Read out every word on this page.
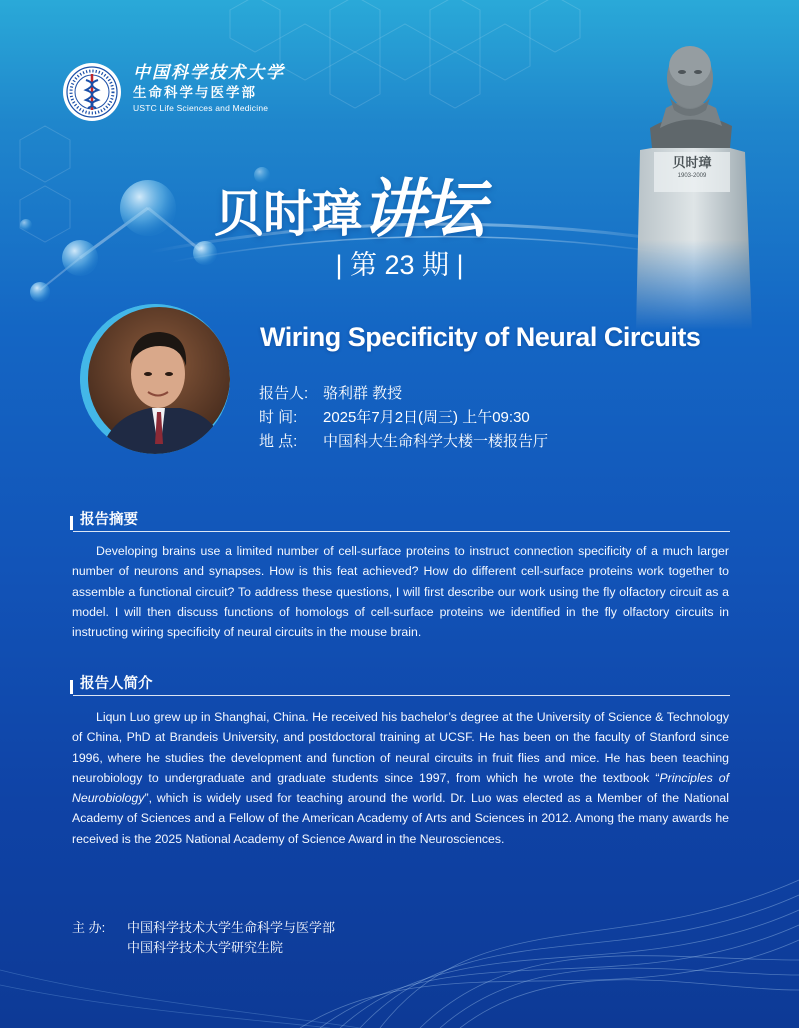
贝时璋
1903-2009
中国科学技术大学
生命科学与医学部
USTC Life Sciences and Medicine
贝时璋讲坛
| 第 23 期 |
Wiring Specificity of Neural Circuits
报告人: 骆利群 教授
时 间: 2025年7月2日(周三) 上午09:30
地 点: 中国科大生命科学大楼一楼报告厅
报告摘要
Developing brains use a limited number of cell-surface proteins to instruct connection specificity of a much larger number of neurons and synapses. How is this feat achieved? How do different cell-surface proteins work together to assemble a functional circuit? To address these questions, I will first describe our work using the fly olfactory circuit as a model. I will then discuss functions of homologs of cell-surface proteins we identified in the fly olfactory circuits in instructing wiring specificity of neural circuits in the mouse brain.
报告人简介
Liqun Luo grew up in Shanghai, China. He received his bachelor’s degree at the University of Science & Technology of China, PhD at Brandeis University, and postdoctoral training at UCSF. He has been on the faculty of Stanford since 1996, where he studies the development and function of neural circuits in fruit flies and mice. He has been teaching neurobiology to undergraduate and graduate students since 1997, from which he wrote the textbook “Principles of Neurobiology”, which is widely used for teaching around the world. Dr. Luo was elected as a Member of the National Academy of Sciences and a Fellow of the American Academy of Arts and Sciences in 2012. Among the many awards he received is the 2025 National Academy of Science Award in the Neurosciences.
主 办: 中国科学技术大学生命科学与医学部
中国科学技术大学研究生院
